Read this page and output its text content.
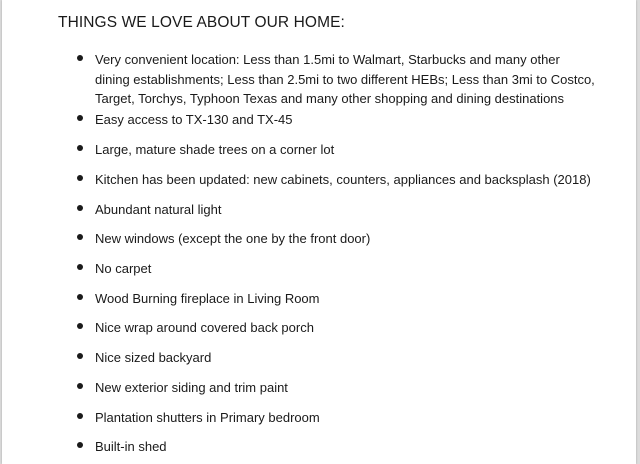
THINGS WE LOVE ABOUT OUR HOME:
Very convenient location: Less than 1.5mi to Walmart, Starbucks and many other dining establishments; Less than 2.5mi to two different HEBs; Less than 3mi to Costco, Target, Torchys, Typhoon Texas and many other shopping and dining destinations
Easy access to TX-130 and TX-45
Large, mature shade trees on a corner lot
Kitchen has been updated: new cabinets, counters, appliances and backsplash (2018)
Abundant natural light
New windows (except the one by the front door)
No carpet
Wood Burning fireplace in Living Room
Nice wrap around covered back porch
Nice sized backyard
New exterior siding and trim paint
Plantation shutters in Primary bedroom
Built-in shed
